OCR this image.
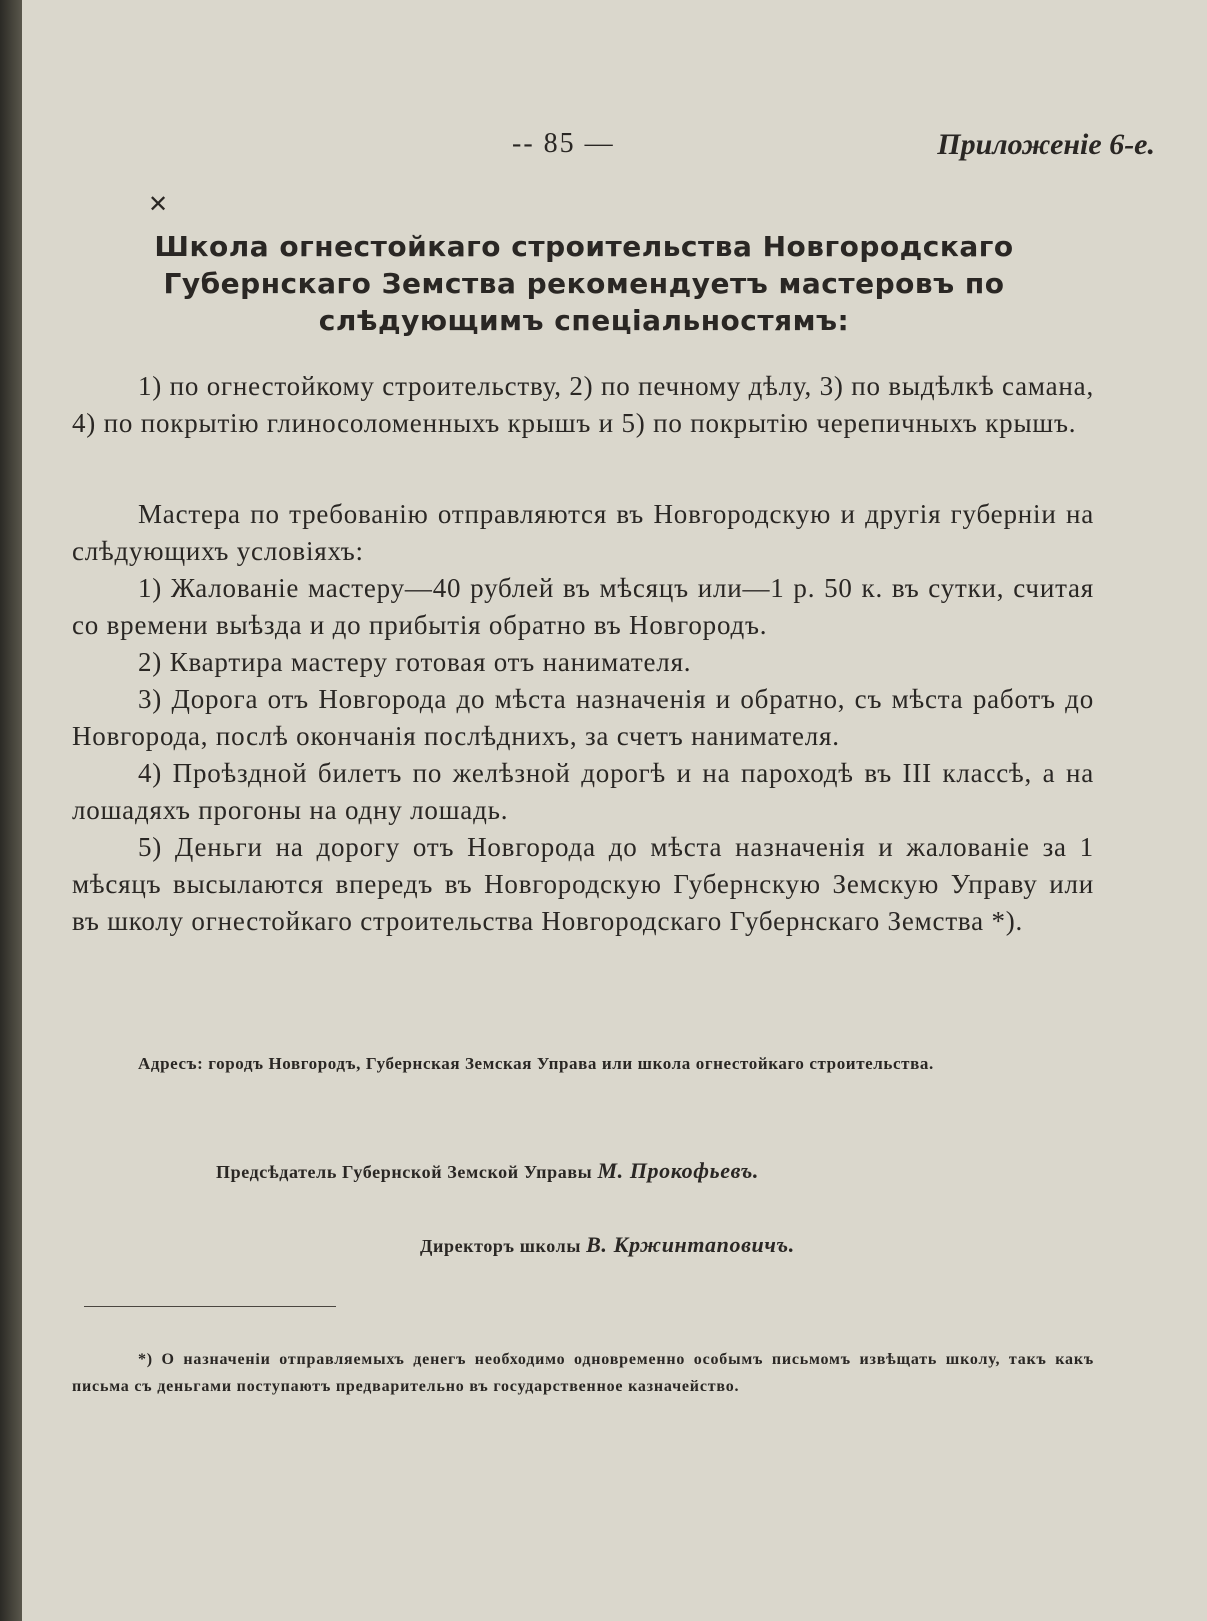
-- 85 —	Приложеніе 6-е.
✕
Школа огнестойкаго строительства Новгородскаго Губернскаго Земства рекомендуетъ мастеровъ по слѣдующимъ спеціальностямъ:

1) по огнестойкому строительству, 2) по печному дѣлу, 3) по выдѣлкѣ самана, 4) по покрытію глиносоломенныхъ крышъ и 5) по покрытію черепичныхъ крышъ.

Мастера по требованію отправляются въ Новгородскую и другія губерніи на слѣдующихъ условіяхъ:

1) Жалованіе мастеру—40 рублей въ мѣсяцъ или—1 р. 50 к. въ сутки, считая со времени выѣзда и до прибытія обратно въ Новгородъ.

2) Квартира мастеру готовая отъ нанимателя.

3) Дорога отъ Новгорода до мѣста назначенія и обратно, съ мѣста работъ до Новгорода, послѣ окончанія послѣднихъ, за счетъ нанимателя.

4) Проѣздной билетъ по желѣзной дорогѣ и на пароходѣ въ III классѣ, а на лошадяхъ прогоны на одну лошадь.

5) Деньги на дорогу отъ Новгорода до мѣста назначенія и жалованіе за 1 мѣсяцъ высылаются впередъ въ Новгородскую Губернскую Земскую Управу или въ школу огнестойкаго строительства Новгородскаго Губернскаго Земства *).

Адресъ: городъ Новгородъ, Губернская Земская Управа или школа огнестойкаго строительства.
Предсѣдатель Губернской Земской Управы М. Прокофьевъ.
Директоръ школы В. Кржинтаповичъ.
*) О назначеніи отправляемыхъ денегъ необходимо одновременно особымъ письмомъ извѣщать школу, такъ какъ письма съ деньгами поступаютъ предварительно въ государственное казначейство.
